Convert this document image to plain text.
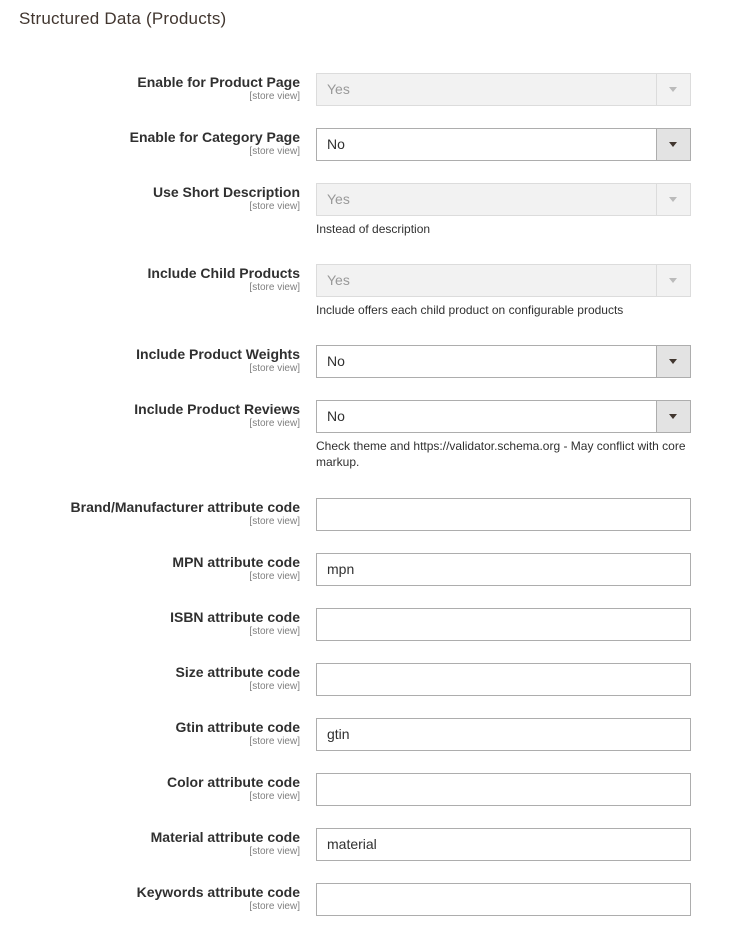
Structured Data (Products)
Enable for Product Page
[store view]	Yes
Enable for Category Page
[store view]	No
Use Short Description
[store view]	Yes
Instead of description
Include Child Products
[store view]	Yes
Include offers each child product on configurable products
Include Product Weights
[store view]	No
Include Product Reviews
[store view]	No
Check theme and https://validator.schema.org - May conflict with core markup.
Brand/Manufacturer attribute code
[store view]
MPN attribute code
[store view]	mpn
ISBN attribute code
[store view]
Size attribute code
[store view]
Gtin attribute code
[store view]	gtin
Color attribute code
[store view]
Material attribute code
[store view]	material
Keywords attribute code
[store view]
